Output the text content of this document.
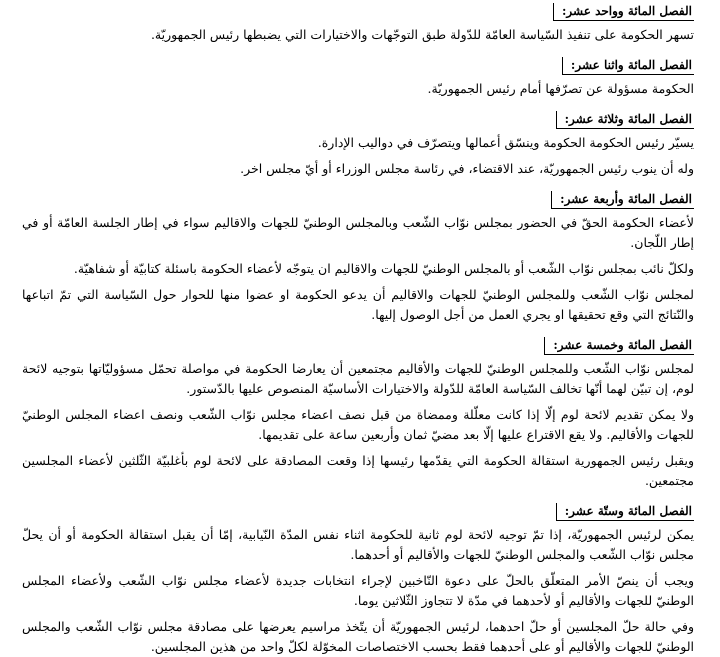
الفصل المائة وواحد عشر:

تسهر الحكومة على تنفيذ السّياسة العامّة للدّولة طبق التوجّهات والاختيارات التي يضبطها رئيس الجمهوريّة.

الفصل المائة واثنا عشر:

الحكومة مسؤولة عن تصرّفها أمام رئيس الجمهوريّة.

الفصل المائة وثلاثة عشر:

يسيّر رئيس الحكومة الحكومة وينسّق أعمالها ويتصرّف في دواليب الإدارة.

وله أن ينوب رئيس الجمهوريّة، عند الاقتضاء، في رئاسة مجلس الوزراء أو أيّ مجلس اخر.

الفصل المائة وأربعة عشر:

لأعضاء الحكومة الحقّ في الحضور بمجلس نوّاب الشّعب وبالمجلس الوطنيّ للجهات والاقاليم سواء في إطار الجلسة العامّة أو في إطار اللّجان.

ولكلّ نائب بمجلس نوّاب الشّعب أو بالمجلس الوطنيّ للجهات والاقاليم ان يتوجّه لأعضاء الحكومة باسئلة كتابيّة أو شفاهيّة.

لمجلس نوّاب الشّعب وللمجلس الوطنيّ للجهات والاقاليم أن يدعو الحكومة او عضوا منها للحوار حول السّياسة التي تمّ اتباعها والنّتائج التي وقع تحقيقها او يجري العمل من أجل الوصول إليها.

الفصل المائة وخمسة عشر:

لمجلس نوّاب الشّعب وللمجلس الوطنيّ للجهات والأقاليم مجتمعين أن يعارضا الحكومة في مواصلة تحمّل مسؤوليّاتها بتوجيه لائحة لوم، إن تبيّن لهما أنّها تخالف السّياسة العامّة للدّولة والاختيارات الأساسيّة المنصوص عليها بالدّستور.

ولا يمكن تقديم لائحة لوم إلّا إذا كانت معلّلة وممضاة من قبل نصف اعضاء مجلس نوّاب الشّعب ونصف اعضاء المجلس الوطنيّ للجهات والأقاليم. ولا يقع الاقتراع عليها إلّا بعد مضيّ ثمان وأربعين ساعة على تقديمها.

ويقبل رئيس الجمهورية استقالة الحكومة التي يقدّمها رئيسها إذا وقعت المصادقة على لائحة لوم بأغلبيّة الثّلثين لأعضاء المجلسين مجتمعين.

الفصل المائة وستّة عشر:

يمكن لرئيس الجمهوريّة، إذا تمّ توجيه لائحة لوم ثانية للحكومة اثناء نفس المدّة النّيابية، إمّا أن يقبل استقالة الحكومة أو أن يحلّ مجلس نوّاب الشّعب والمجلس الوطنيّ للجهات والأقاليم أو أحدهما.

ويجب أن ينصّ الأمر المتعلّق بالحلّ على دعوة النّاخبين لإجراء انتخابات جديدة لأعضاء مجلس نوّاب الشّعب ولأعضاء المجلس الوطنيّ للجهات والأقاليم أو لأحدهما في مدّة لا تتجاوز الثّلاثين يوما.

وفي حالة حلّ المجلسين أو حلّ احدهما، لرئيس الجمهوريّة أن يتّخذ مراسيم يعرضها على مصادقة مجلس نوّاب الشّعب والمجلس الوطنيّ للجهات والأقاليم أو على أحدهما فقط بحسب الاختصاصات المخوّلة لكلّ واحد من هذين المجلسين.
